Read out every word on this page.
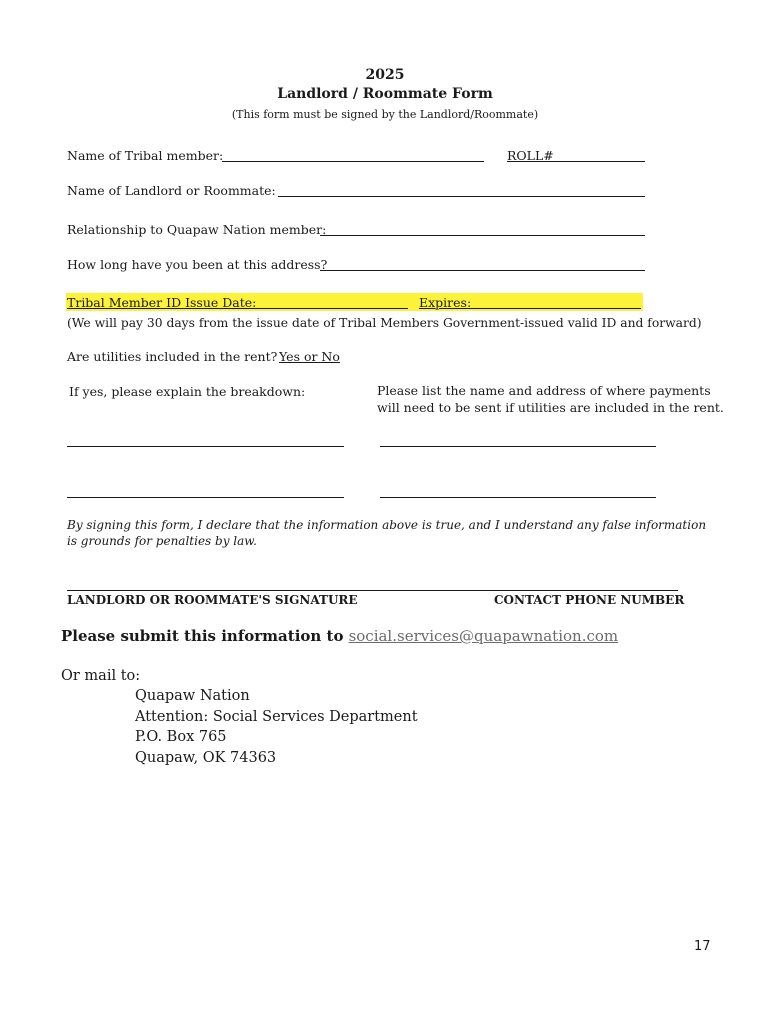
2025
Landlord / Roommate Form
(This form must be signed by the Landlord/Roommate)
Name of Tribal member:	ROLL#
Name of Landlord or Roommate:
Relationship to Quapaw Nation member:
How long have you been at this address?
Tribal Member ID Issue Date:	Expires:
(We will pay 30 days from the issue date of Tribal Members Government-issued valid ID and forward)
Are utilities included in the rent? Yes or No
If yes, please explain the breakdown:	Please list the name and address of where payments
will need to be sent if utilities are included in the rent.
By signing this form, I declare that the information above is true, and I understand any false information
is grounds for penalties by law.
LANDLORD OR ROOMMATE'S SIGNATURE	CONTACT PHONE NUMBER
Please submit this information to social.services@quapawnation.com
Or mail to:
Quapaw Nation
Attention: Social Services Department
P.O. Box 765
Quapaw, OK 74363
17
